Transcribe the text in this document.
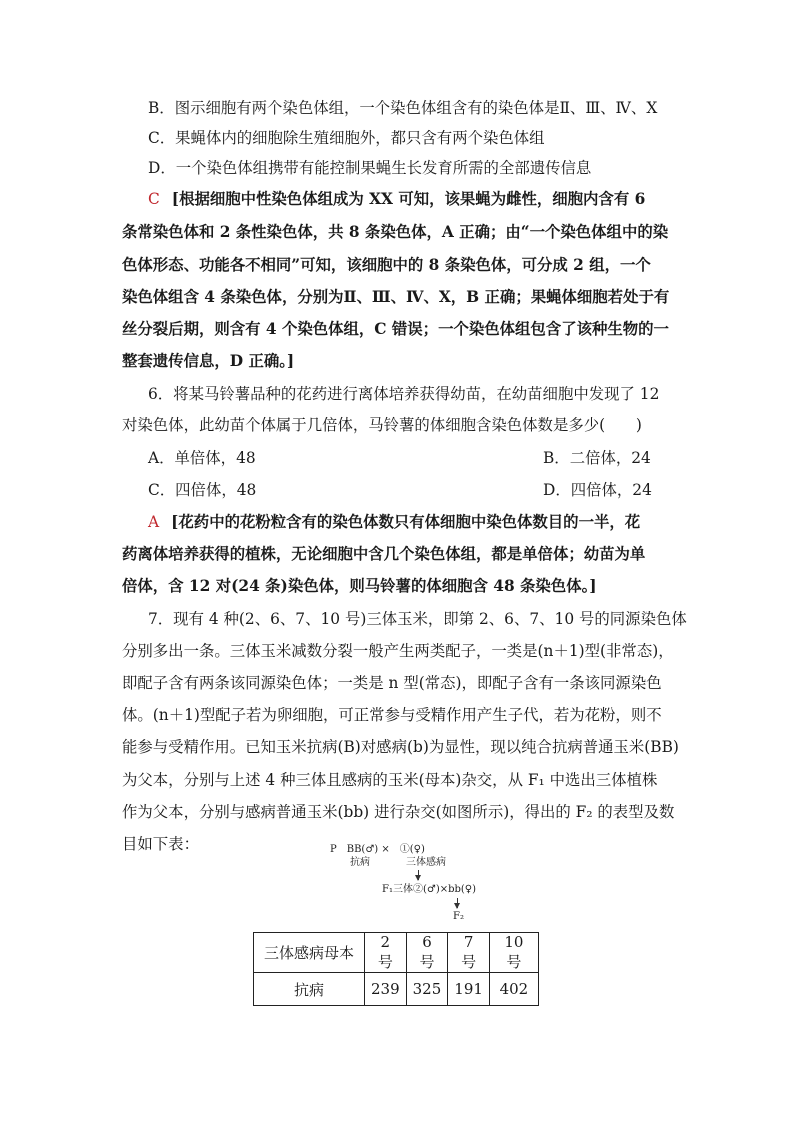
B．图示细胞有两个染色体组，一个染色体组含有的染色体是Ⅱ、Ⅲ、Ⅳ、X
C．果蝇体内的细胞除生殖细胞外，都只含有两个染色体组
D．一个染色体组携带有能控制果蝇生长发育所需的全部遗传信息
C [根据细胞中性染色体组成为 XX 可知，该果蝇为雌性，细胞内含有 6
条常染色体和 2 条性染色体，共 8 条染色体，A 正确；由“一个染色体组中的染
色体形态、功能各不相同”可知，该细胞中的 8 条染色体，可分成 2 组，一个
染色体组含 4 条染色体，分别为Ⅱ、Ⅲ、Ⅳ、X，B 正确；果蝇体细胞若处于有
丝分裂后期，则含有 4 个染色体组，C 错误；一个染色体组包含了该种生物的一
整套遗传信息，D 正确。]
6．将某马铃薯品种的花药进行离体培养获得幼苗，在幼苗细胞中发现了 12
对染色体，此幼苗个体属于几倍体，马铃薯的体细胞含染色体数是多少(　　)
A．单倍体，48	B．二倍体，24
C．四倍体，48	D．四倍体，24
A [花药中的花粉粒含有的染色体数只有体细胞中染色体数目的一半，花
药离体培养获得的植株，无论细胞中含几个染色体组，都是单倍体；幼苗为单
倍体，含 12 对(24 条)染色体，则马铃薯的体细胞含 48 条染色体。]
7．现有 4 种(2、6、7、10 号)三体玉米，即第 2、6、7、10 号的同源染色体
分别多出一条。三体玉米减数分裂一般产生两类配子，一类是(n＋1)型(非常态)，
即配子含有两条该同源染色体；一类是 n 型(常态)，即配子含有一条该同源染色
体。(n＋1)型配子若为卵细胞，可正常参与受精作用产生子代，若为花粉，则不
能参与受精作用。已知玉米抗病(B)对感病(b)为显性，现以纯合抗病普通玉米(BB)
为父本，分别与上述 4 种三体且感病的玉米(母本)杂交，从 F₁ 中选出三体植株
作为父本，分别与感病普通玉米(bb) 进行杂交(如图所示)，得出的 F₂ 的表型及数
目如下表：	P　BB(♂) ×　①(♀)
抗病	三体感病
F₁三体②(♂)×bb(♀)
F₂
三体感病母本	2 号	6 号	7 号	10 号
抗病	239	325	191	402
